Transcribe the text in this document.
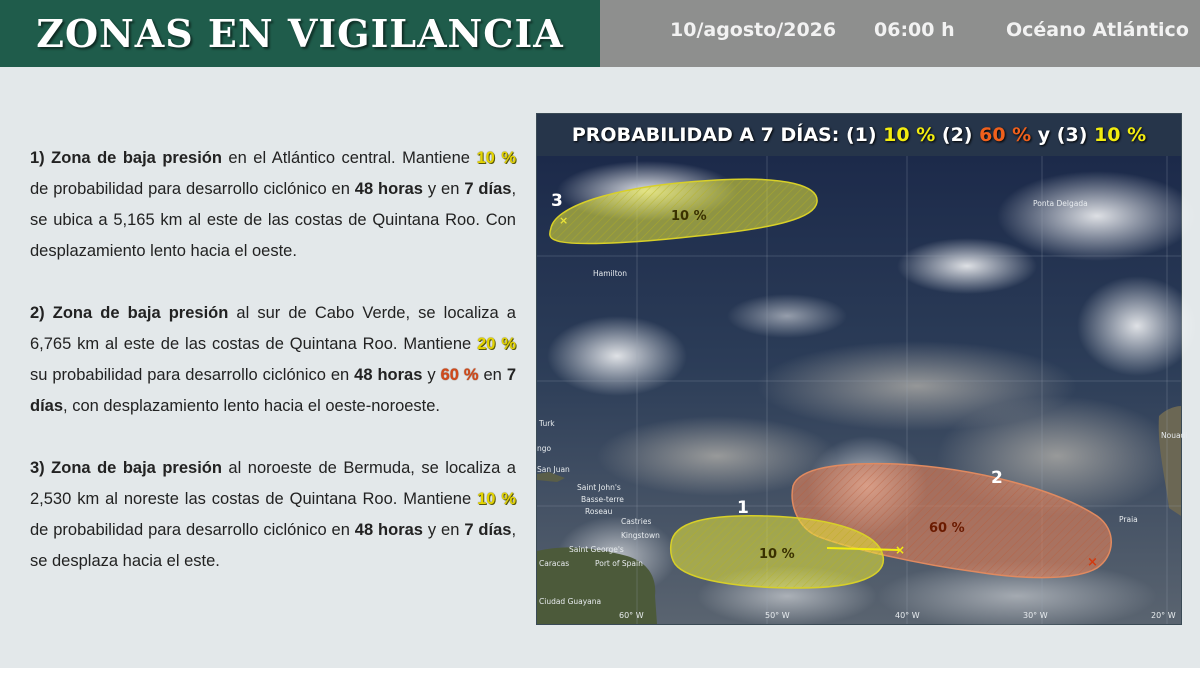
ZONAS EN VIGILANCIA	10/agosto/2026 06:00 h	Océano Atlántico

1) Zona de baja presión en el Atlántico central. Mantiene 10 % de probabilidad para desarrollo ciclónico en 48 horas y en 7 días, se ubica a 5,165 km al este de las costas de Quintana Roo. Con desplazamiento lento hacia el oeste.

2) Zona de baja presión al sur de Cabo Verde, se localiza a 6,765 km al este de las costas de Quintana Roo. Mantiene 20 % su probabilidad para desarrollo ciclónico en 48 horas y 60 % en 7 días, con desplazamiento lento hacia el oeste-noroeste.

3) Zona de baja presión al noroeste de Bermuda, se localiza a 2,530 km al noreste las costas de Quintana Roo. Mantiene 10 % de probabilidad para desarrollo ciclónico en 48 horas y en 7 días, se desplaza hacia el este.

PROBABILIDAD A 7 DÍAS: (1) 10 % (2) 60 % y (3) 10 %
×
3
10 %
×
2
60 %
×
1
10 %
Ponta Delgada
Hamilton
Turk
ngo
San Juan
Saint John's
Basse-terre
Roseau
Castries
Kingstown
Saint George's
Port of Spain
Caracas
Ciudad Guayana
Praia
Nouadi
60° W	50° W	40° W	30° W	20° W
